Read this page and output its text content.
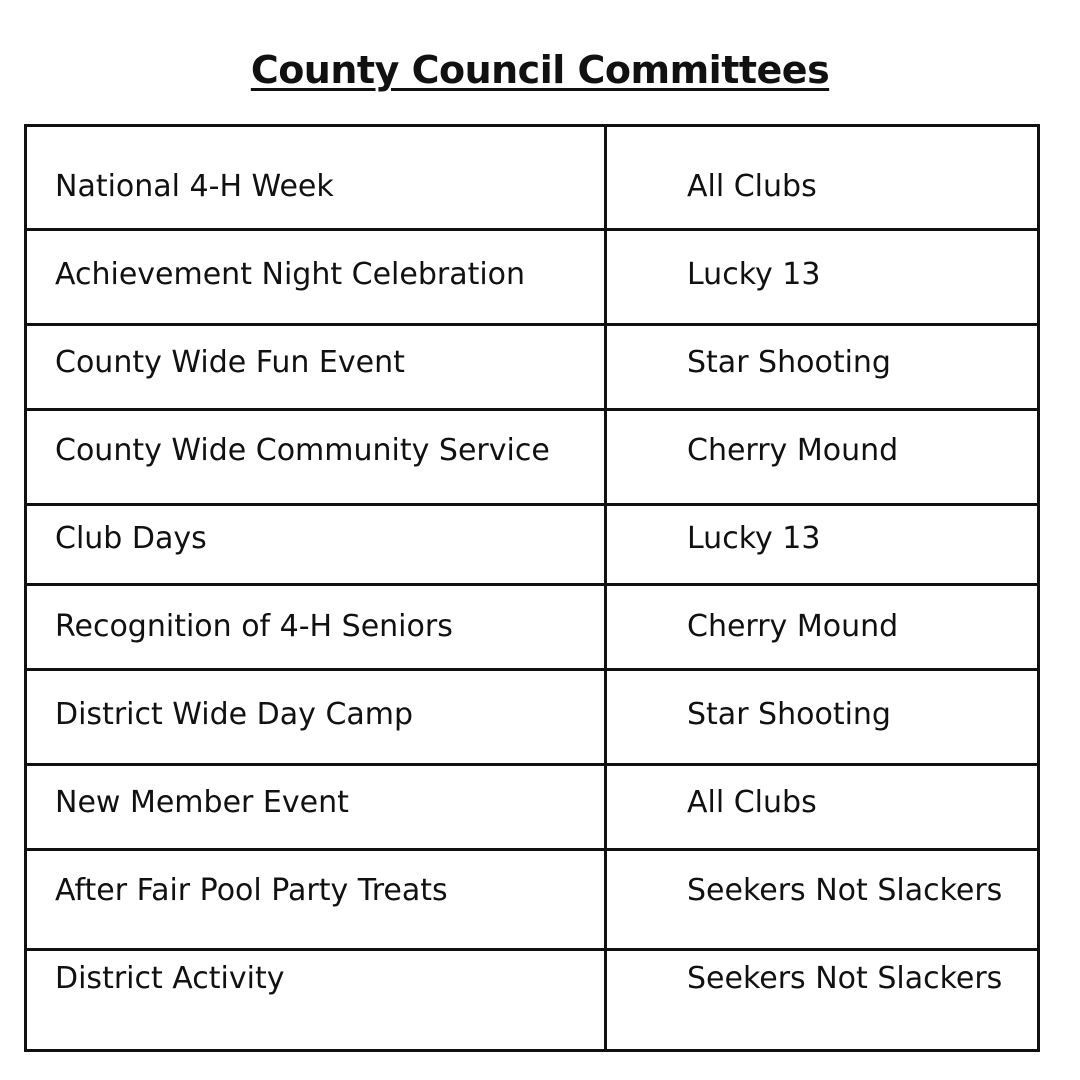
County Council Committees
National 4-H Week	All Clubs
Achievement Night Celebration	Lucky 13
County Wide Fun Event	Star Shooting
County Wide Community Service	Cherry Mound
Club Days	Lucky 13
Recognition of 4-H Seniors	Cherry Mound
District Wide Day Camp	Star Shooting
New Member Event	All Clubs
After Fair Pool Party Treats	Seekers Not Slackers
District Activity	Seekers Not Slackers
